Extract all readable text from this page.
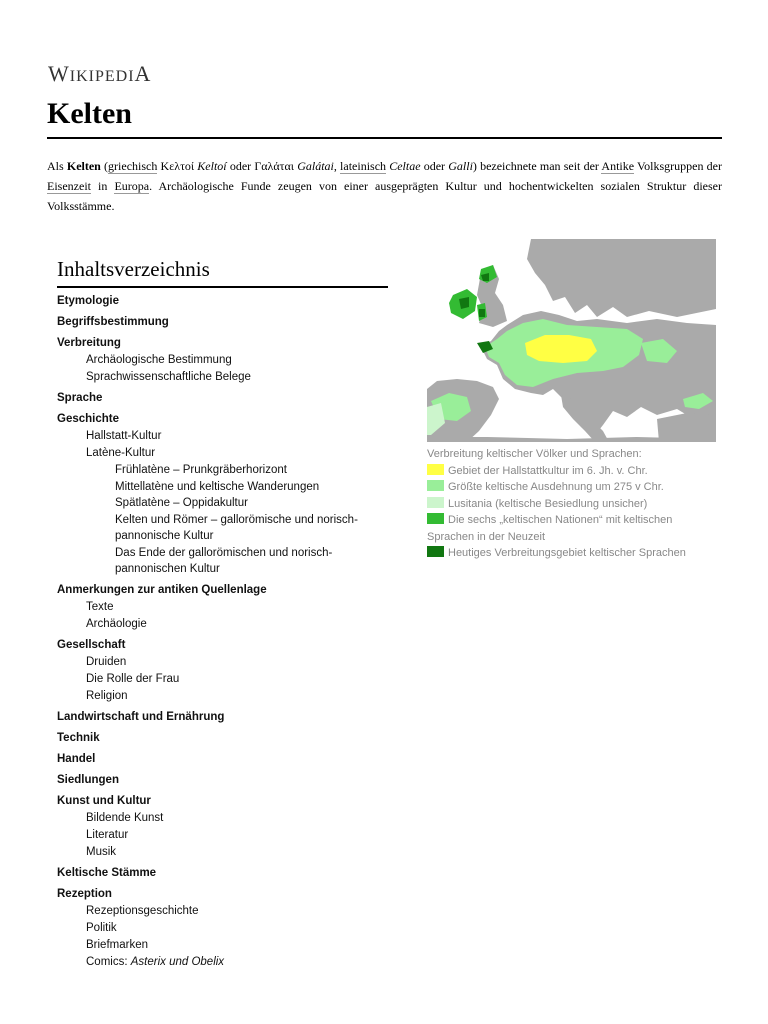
WIKIPEDIA
Kelten

Als Kelten (griechisch Κελτοί Keltoí oder Γαλάται Galátai, lateinisch Celtae oder Galli) bezeichnete man seit der Antike Volksgruppen der Eisenzeit in Europa. Archäologische Funde zeugen von einer ausgeprägten Kultur und hochentwickelten sozialen Struktur dieser Volksstämme.

Inhaltsverzeichnis
Etymologie
Begriffsbestimmung
Verbreitung
Archäologische Bestimmung
Sprachwissenschaftliche Belege
Sprache
Geschichte
Hallstatt-Kultur
Latène-Kultur
Frühlatène – Prunkgräberhorizont
Mittellatène und keltische Wanderungen
Spätlatène – Oppidakultur
Kelten und Römer – gallorömische und norisch-pannonische Kultur
Das Ende der gallorömischen und norisch-pannonischen Kultur
Anmerkungen zur antiken Quellenlage
Texte
Archäologie
Gesellschaft
Druiden
Die Rolle der Frau
Religion
Landwirtschaft und Ernährung
Technik
Handel
Siedlungen
Kunst und Kultur
Bildende Kunst
Literatur
Musik
Keltische Stämme
Rezeption
Rezeptionsgeschichte
Politik
Briefmarken
Comics: Asterix und Obelix
Verbreitung keltischer Völker und Sprachen:
Gebiet der Hallstattkultur im 6. Jh. v. Chr.
Größte keltische Ausdehnung um 275 v Chr.
Lusitania (keltische Besiedlung unsicher)
Die sechs „keltischen Nationen“ mit keltischen Sprachen in der Neuzeit
Heutiges Verbreitungsgebiet keltischer Sprachen
